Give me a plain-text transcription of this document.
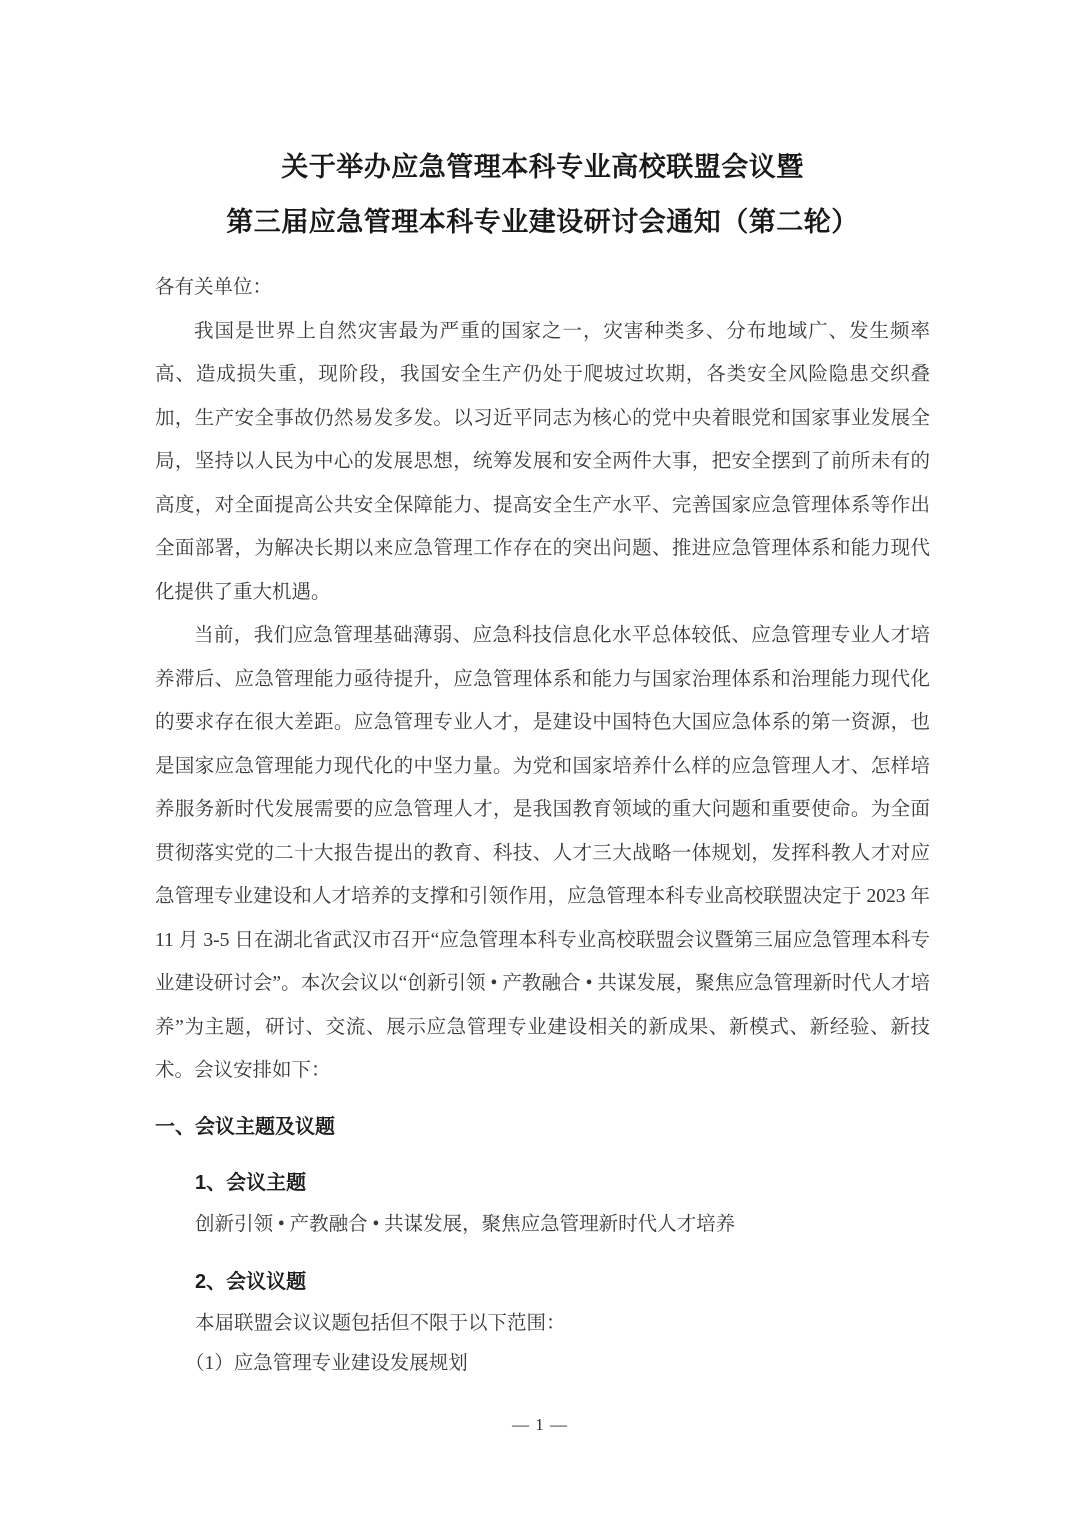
关于举办应急管理本科专业高校联盟会议暨
第三届应急管理本科专业建设研讨会通知（第二轮）

各有关单位：

我国是世界上自然灾害最为严重的国家之一，灾害种类多、分布地域广、发生频率高、造成损失重，现阶段，我国安全生产仍处于爬坡过坎期，各类安全风险隐患交织叠加，生产安全事故仍然易发多发。以习近平同志为核心的党中央着眼党和国家事业发展全局，坚持以人民为中心的发展思想，统筹发展和安全两件大事，把安全摆到了前所未有的高度，对全面提高公共安全保障能力、提高安全生产水平、完善国家应急管理体系等作出全面部署，为解决长期以来应急管理工作存在的突出问题、推进应急管理体系和能力现代化提供了重大机遇。

当前，我们应急管理基础薄弱、应急科技信息化水平总体较低、应急管理专业人才培养滞后、应急管理能力亟待提升，应急管理体系和能力与国家治理体系和治理能力现代化的要求存在很大差距。应急管理专业人才，是建设中国特色大国应急体系的第一资源，也是国家应急管理能力现代化的中坚力量。为党和国家培养什么样的应急管理人才、怎样培养服务新时代发展需要的应急管理人才，是我国教育领域的重大问题和重要使命。为全面贯彻落实党的二十大报告提出的教育、科技、人才三大战略一体规划，发挥科教人才对应急管理专业建设和人才培养的支撑和引领作用，应急管理本科专业高校联盟决定于 2023 年 11 月 3-5 日在湖北省武汉市召开“应急管理本科专业高校联盟会议暨第三届应急管理本科专业建设研讨会”。本次会议以“创新引领 • 产教融合 • 共谋发展，聚焦应急管理新时代人才培养”为主题，研讨、交流、展示应急管理专业建设相关的新成果、新模式、新经验、新技术。会议安排如下：

一、会议主题及议题
1、会议主题

创新引领 • 产教融合 • 共谋发展，聚焦应急管理新时代人才培养

2、会议议题

本届联盟会议议题包括但不限于以下范围：

（1）应急管理专业建设发展规划

— 1 —
